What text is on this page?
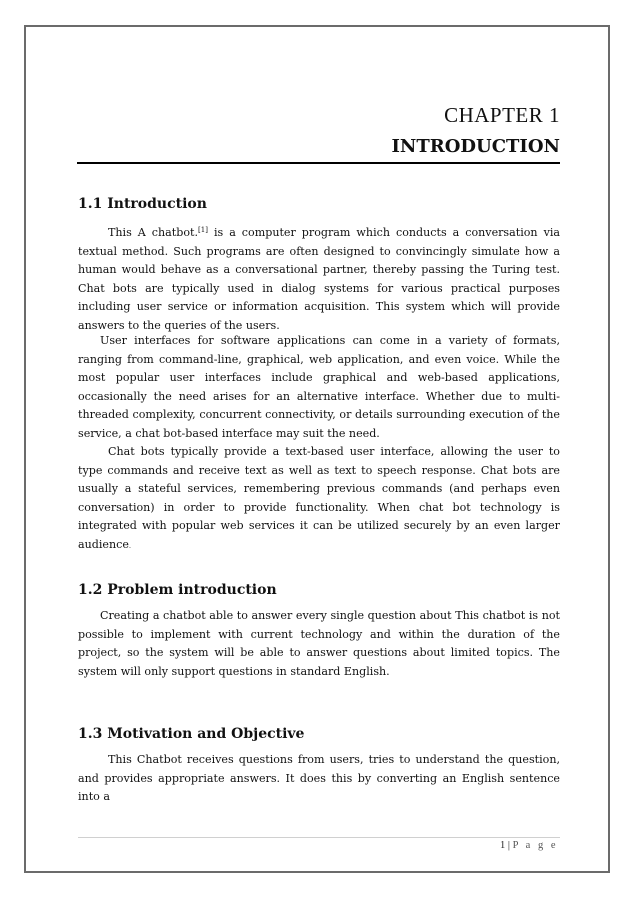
CHAPTER 1
INTRODUCTION
1.1 Introduction

This A chatbot.[1] is a computer program which conducts a conversation via textual method. Such programs are often designed to convincingly simulate how a human would behave as a conversational partner, thereby passing the Turing test. Chat bots are typically used in dialog systems for various practical purposes including user service or information acquisition. This system which will provide answers to the queries of the users.

User interfaces for software applications can come in a variety of formats, ranging from command-line, graphical, web application, and even voice. While the most popular user interfaces include graphical and web-based applications, occasionally the need arises for an alternative interface. Whether due to multi-threaded complexity, concurrent connectivity, or details surrounding execution of the service, a chat bot-based interface may suit the need.

Chat bots typically provide a text-based user interface, allowing the user to type commands and receive text as well as text to speech response. Chat bots are usually a stateful services, remembering previous commands (and perhaps even conversation) in order to provide functionality. When chat bot technology is integrated with popular web services it can be utilized securely by an even larger audience.

1.2 Problem introduction

Creating a chatbot able to answer every single question about This chatbot is not possible to implement with current technology and within the duration of the project, so the system will be able to answer questions about limited topics. The system will only support questions in standard English.

1.3 Motivation and Objective

This Chatbot receives questions from users, tries to understand the question, and provides appropriate answers. It does this by converting an English sentence into a

1 | P a g e
